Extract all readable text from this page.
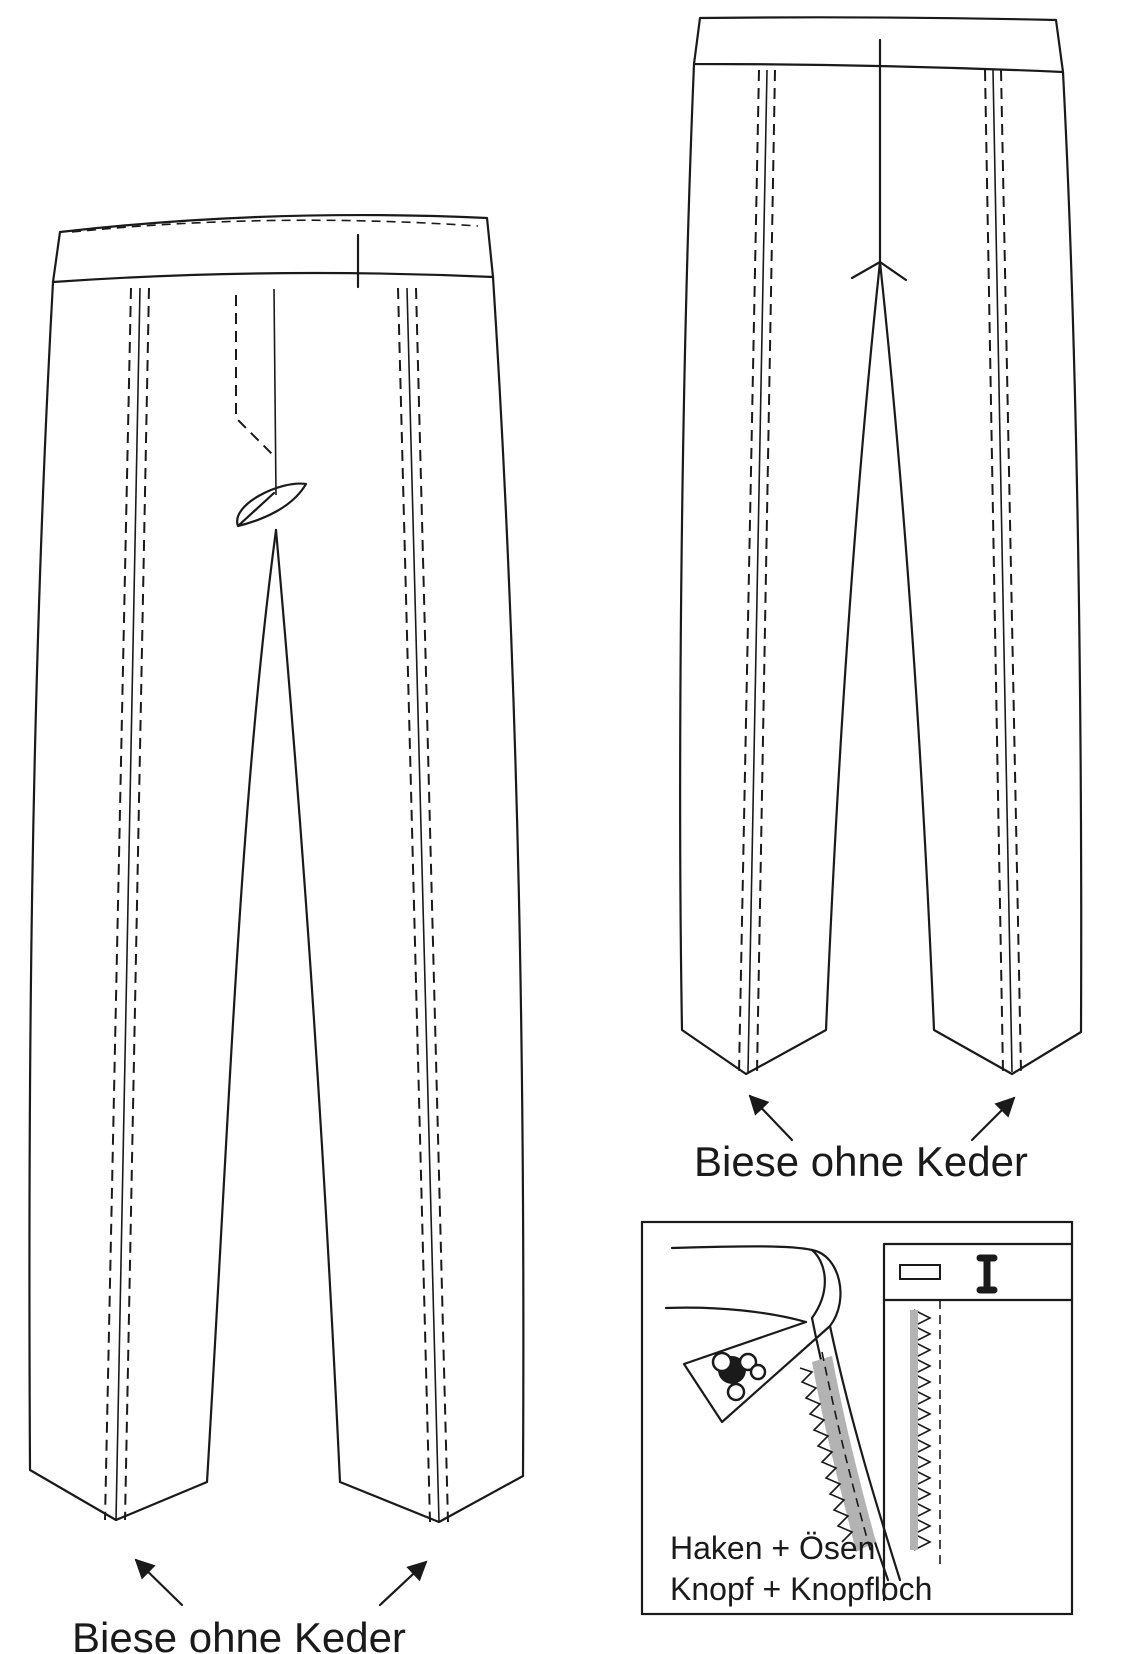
Biese ohne Keder
Biese ohne Keder
Haken + Ösen
Knopf + Knopfloch
